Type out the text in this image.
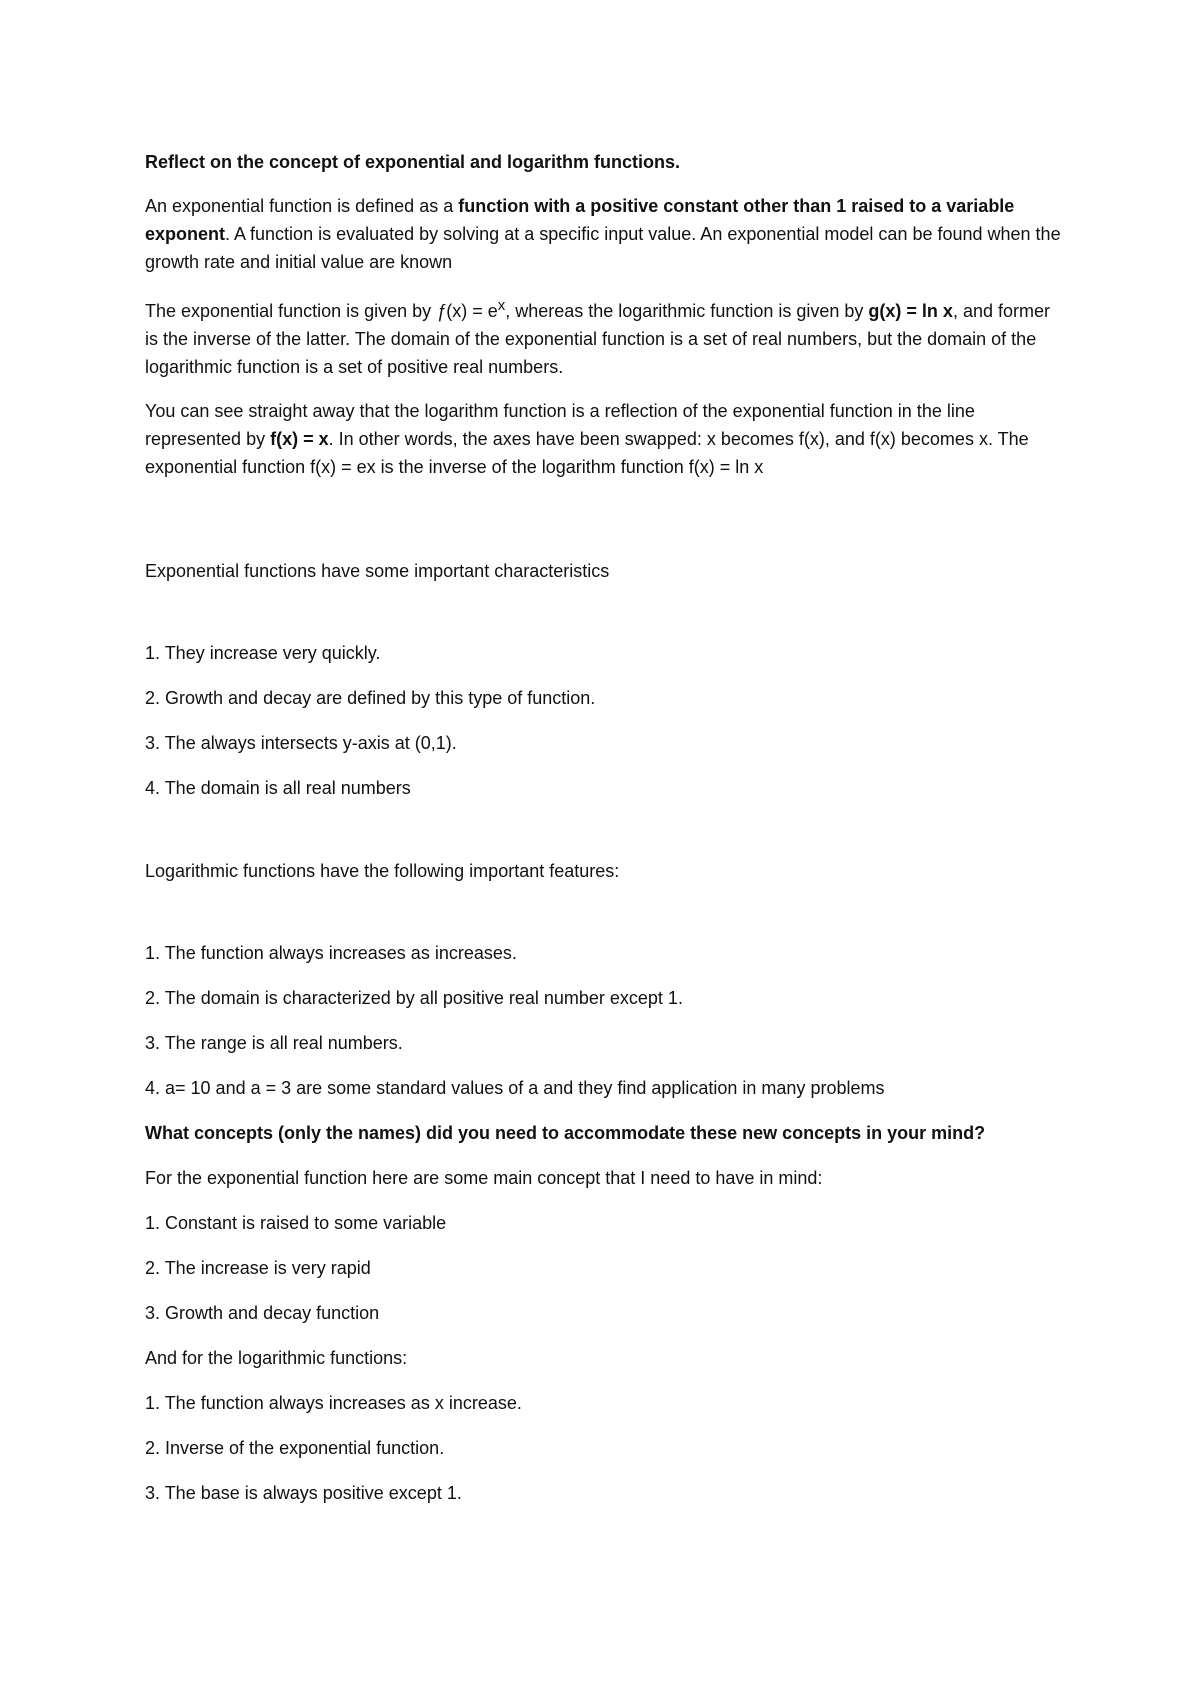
Reflect on the concept of exponential and logarithm functions.

An exponential function is defined as a function with a positive constant other than 1 raised to a variable exponent. A function is evaluated by solving at a specific input value. An exponential model can be found when the growth rate and initial value are known

The exponential function is given by ƒ(x) = $e^x$, whereas the logarithmic function is given by g(x) = ln x, and former is the inverse of the latter. The domain of the exponential function is a set of real numbers, but the domain of the logarithmic function is a set of positive real numbers.

You can see straight away that the logarithm function is a reflection of the exponential function in the line represented by f(x) = x. In other words, the axes have been swapped: x becomes f(x), and f(x) becomes x. The exponential function f(x) = ex is the inverse of the logarithm function f(x) = ln x

Exponential functions have some important characteristics

1. They increase very quickly.

2. Growth and decay are defined by this type of function.

3. The always intersects y-axis at (0,1).

4. The domain is all real numbers

Logarithmic functions have the following important features:

1. The function always increases as increases.

2. The domain is characterized by all positive real number except 1.

3. The range is all real numbers.

4. a= 10 and a = 3 are some standard values of a and they find application in many problems

What concepts (only the names) did you need to accommodate these new concepts in your mind?

For the exponential function here are some main concept that I need to have in mind:

1. Constant is raised to some variable

2. The increase is very rapid

3. Growth and decay function

And for the logarithmic functions:

1. The function always increases as x increase.

2. Inverse of the exponential function.

3. The base is always positive except 1.
